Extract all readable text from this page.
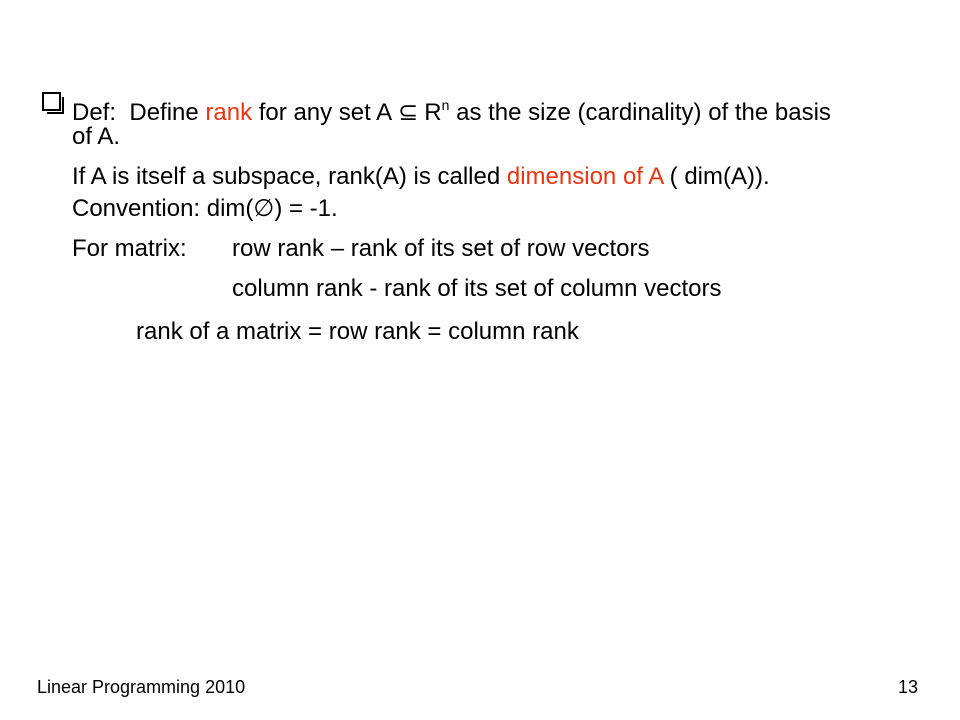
Def: Define rank for any set A ⊆ $R^n$ as the size (cardinality) of the basis
of A.
If A is itself a subspace, rank(A) is called dimension of A ( dim(A)).
Convention: dim(∅) = -1.
For matrix: row rank – rank of its set of row vectors
column rank - rank of its set of column vectors
rank of a matrix = row rank = column rank
Linear Programming 2010	13
